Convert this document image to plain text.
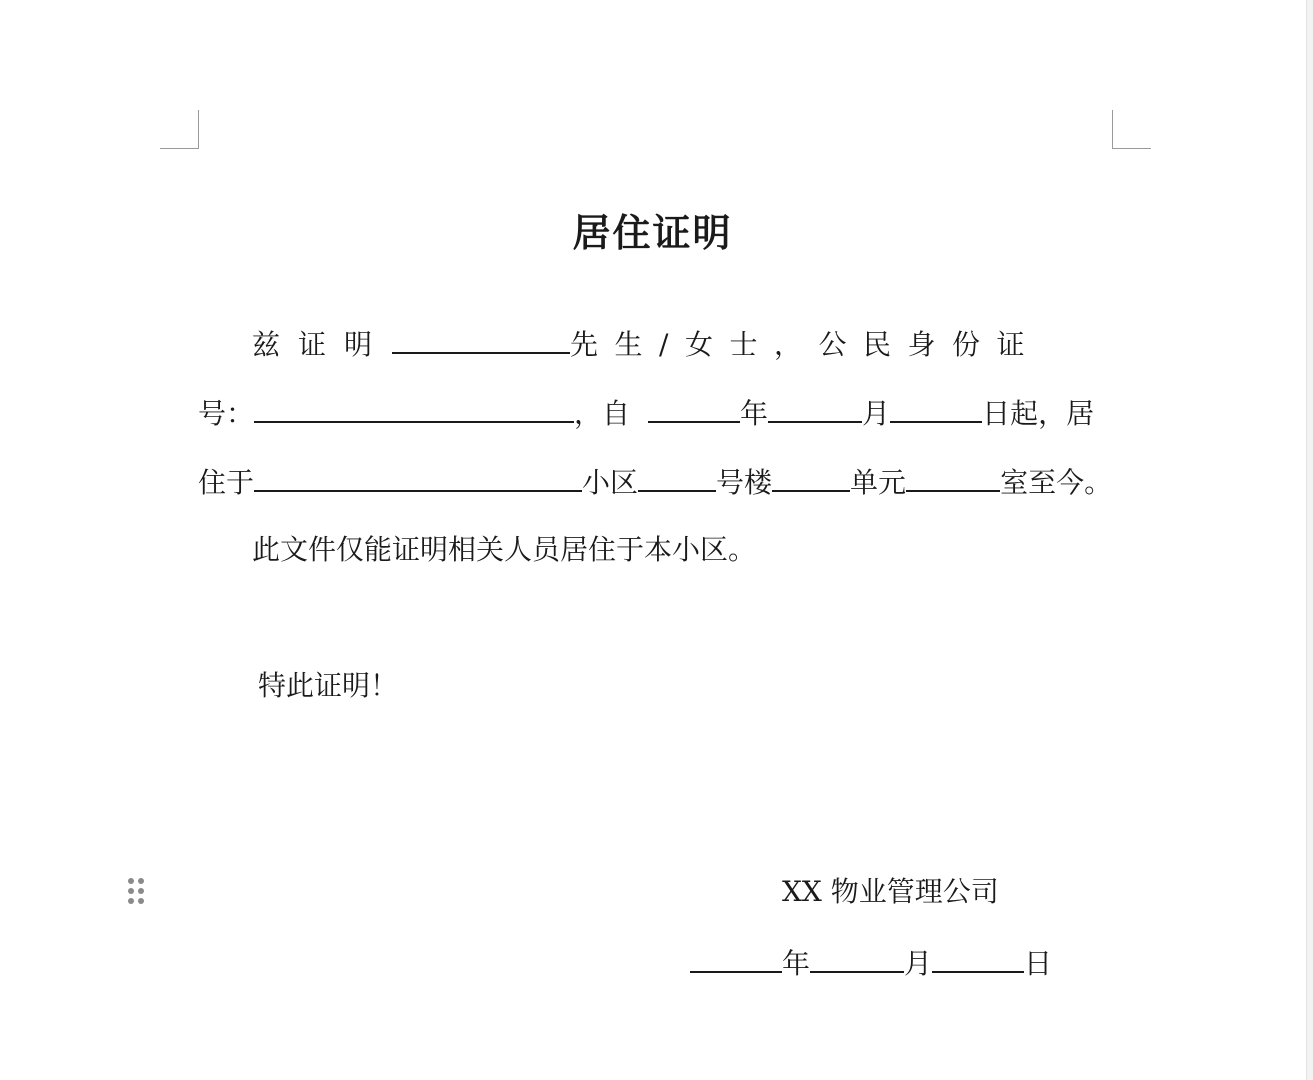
居住证明
兹证明	先生/女士，公民身份证
号：	，自	年	月	日起，居
住于	小区	号楼	单元	室至今。
此文件仅能证明相关人员居住于本小区。
特此证明！
XX 物业管理公司
年	月	日
